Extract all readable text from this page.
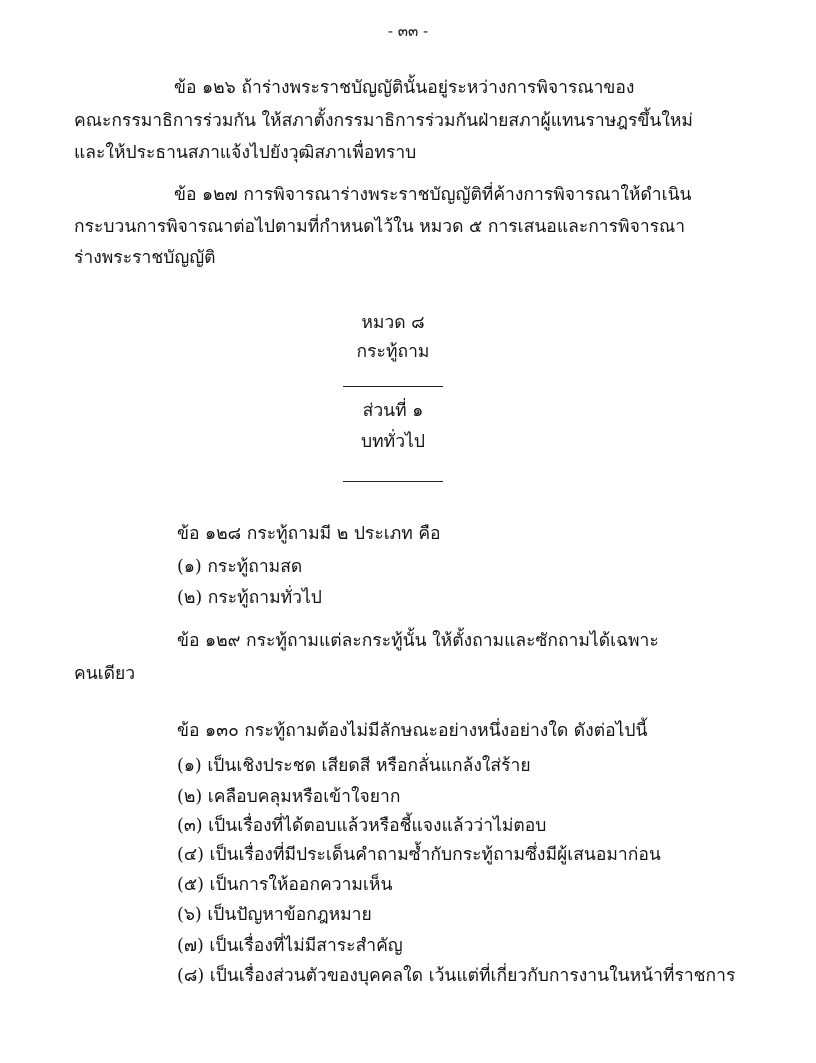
- ๓๓ -
ข้อ ๑๒๖ ถ้าร่างพระราชบัญญัตินั้นอยู่ระหว่างการพิจารณาของ
คณะกรรมาธิการร่วมกัน ให้สภาตั้งกรรมาธิการร่วมกันฝ่ายสภาผู้แทนราษฎรขึ้นใหม่
และให้ประธานสภาแจ้งไปยังวุฒิสภาเพื่อทราบ
ข้อ ๑๒๗ การพิจารณาร่างพระราชบัญญัติที่ค้างการพิจารณาให้ดำเนิน
กระบวนการพิจารณาต่อไปตามที่กำหนดไว้ใน หมวด ๕ การเสนอและการพิจารณา
ร่างพระราชบัญญัติ
หมวด ๘
กระทู้ถาม
ส่วนที่ ๑
บททั่วไป
ข้อ ๑๒๘ กระทู้ถามมี ๒ ประเภท คือ
(๑) กระทู้ถามสด
(๒) กระทู้ถามทั่วไป
ข้อ ๑๒๙ กระทู้ถามแต่ละกระทู้นั้น ให้ตั้งถามและซักถามได้เฉพาะ
คนเดียว
ข้อ ๑๓๐ กระทู้ถามต้องไม่มีลักษณะอย่างหนึ่งอย่างใด ดังต่อไปนี้
(๑) เป็นเชิงประชด เสียดสี หรือกลั่นแกล้งใส่ร้าย
(๒) เคลือบคลุมหรือเข้าใจยาก
(๓) เป็นเรื่องที่ได้ตอบแล้วหรือชี้แจงแล้วว่าไม่ตอบ
(๔) เป็นเรื่องที่มีประเด็นคำถามซ้ำกับกระทู้ถามซึ่งมีผู้เสนอมาก่อน
(๕) เป็นการให้ออกความเห็น
(๖) เป็นปัญหาข้อกฎหมาย
(๗) เป็นเรื่องที่ไม่มีสาระสำคัญ
(๘) เป็นเรื่องส่วนตัวของบุคคลใด เว้นแต่ที่เกี่ยวกับการงานในหน้าที่ราชการ
